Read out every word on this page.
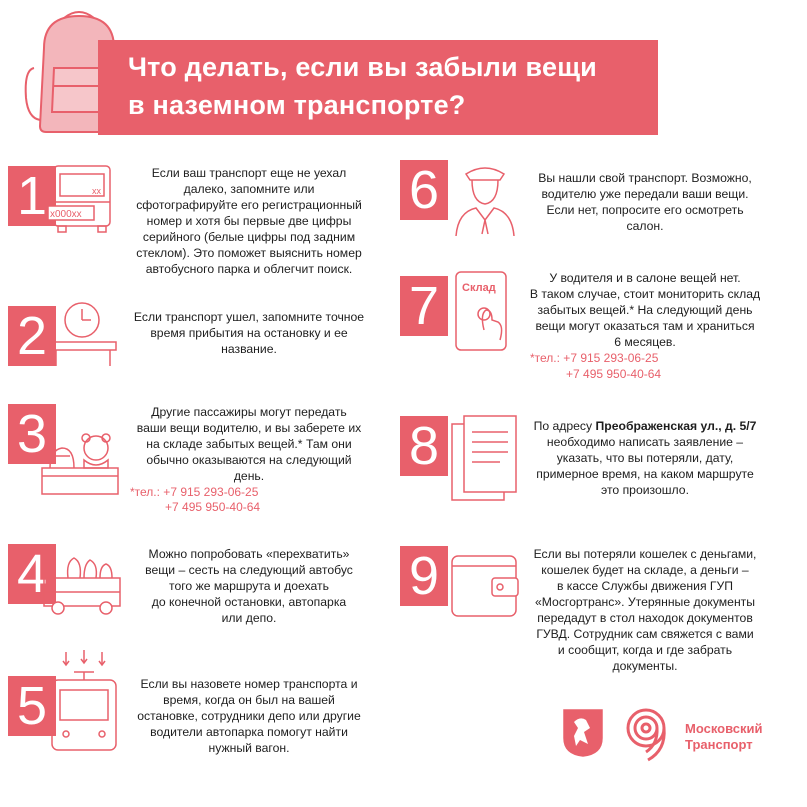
Что делать, если вы забыли вещи
в наземном транспорте?
1	xx
x000xx
Если ваш транспорт еще не уехал
далеко, запомните или
сфотографируйте его регистрационный
номер и хотя бы первые две цифры
серийного (белые цифры под задним
стеклом). Это поможет выяснить номер
автобусного парка и облегчит поиск.
2	Если транспорт ушел, запомните точное
время прибытия на остановку и ее
название.
3	Другие пассажиры могут передать
ваши вещи водителю, и вы заберете их
на складе забытых вещей.* Там они
обычно оказываются на следующий
день.
*тел.: +7 915 293-06-25
+7 495 950-40-64
4	Можно попробовать «перехватить»
вещи – сесть на следующий автобус
того же маршрута и доехать
до конечной остановки, автопарка
или депо.
5	Если вы назовете номер транспорта и
время, когда он был на вашей
остановке, сотрудники депо или другие
водители автопарка помогут найти
нужный вагон.
6	Вы нашли свой транспорт. Возможно,
водителю уже передали ваши вещи.
Если нет, попросите его осмотреть
салон.
7	Склад
У водителя и в салоне вещей нет.
В таком случае, стоит мониторить склад
забытых вещей.* На следующий день
вещи могут оказаться там и храниться
6 месяцев.
*тел.: +7 915 293-06-25
+7 495 950-40-64
8	По адресу Преображенская ул., д. 5/7
необходимо написать заявление –
указать, что вы потеряли, дату,
примерное время, на каком маршруте
это произошло.
9	Если вы потеряли кошелек с деньгами,
кошелек будет на складе, а деньги –
в кассе Службы движения ГУП
«Мосгортранс». Утерянные документы
передадут в стол находок документов
ГУВД. Сотрудник сам свяжется с вами
и сообщит, когда и где забрать
документы.
Московский
Транспорт
